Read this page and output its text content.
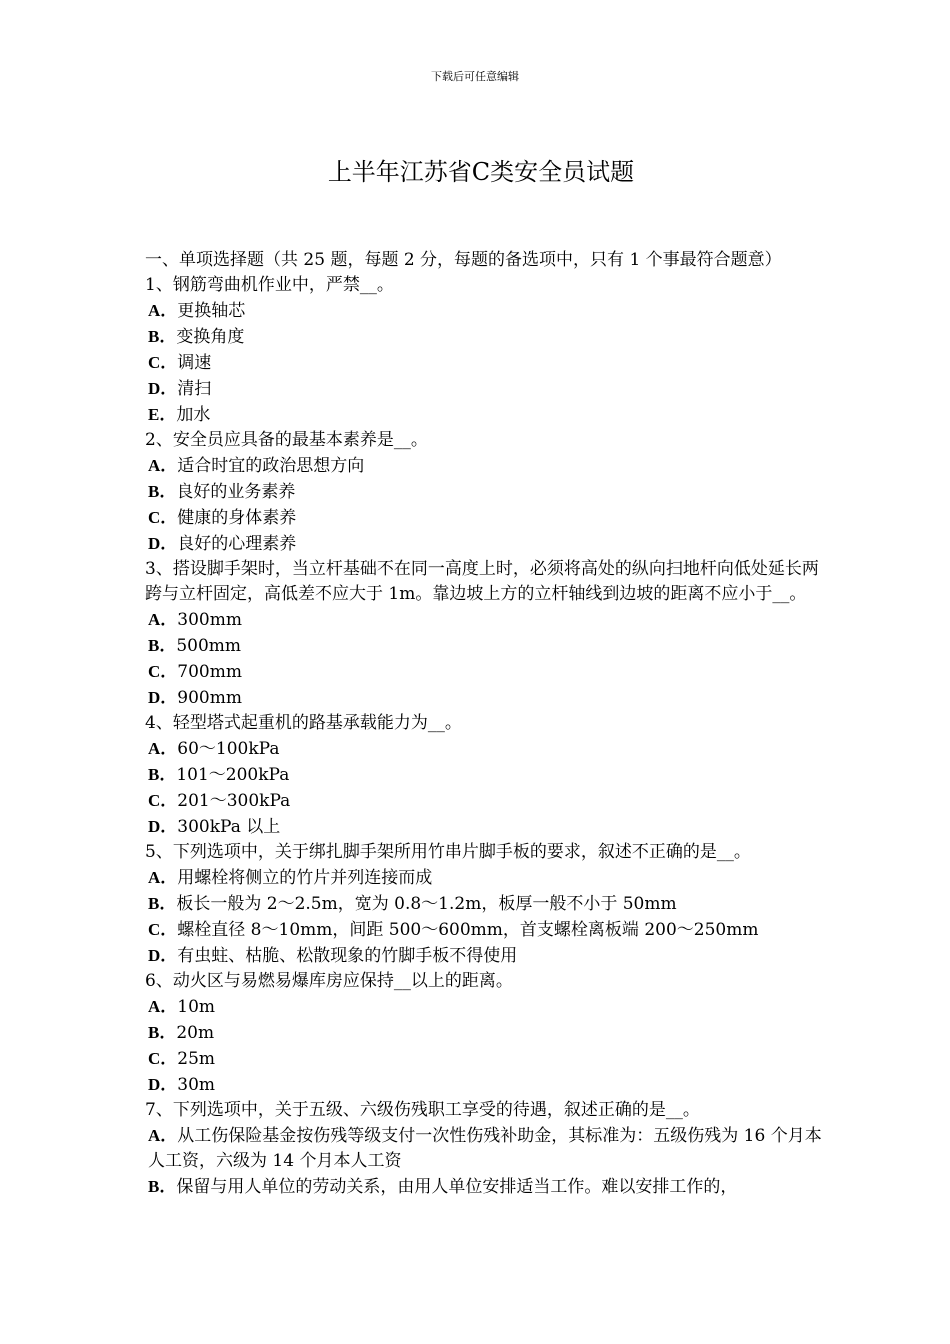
下载后可任意编辑
上半年江苏省C类安全员试题
一、单项选择题（共 25 题，每题 2 分，每题的备选项中，只有 1 个事最符合题意）
1、钢筋弯曲机作业中，严禁__。
A．更换轴芯
B．变换角度
C．调速
D．清扫
E．加水
2、安全员应具备的最基本素养是__。
A．适合时宜的政治思想方向
B．良好的业务素养
C．健康的身体素养
D．良好的心理素养
3、搭设脚手架时，当立杆基础不在同一高度上时，必须将高处的纵向扫地杆向低处延长两跨与立杆固定，高低差不应大于 1m。靠边坡上方的立杆轴线到边坡的距离不应小于__。
A．300mm
B．500mm
C．700mm
D．900mm
4、轻型塔式起重机的路基承载能力为__。
A．60～100kPa
B．101～200kPa
C．201～300kPa
D．300kPa 以上
5、下列选项中，关于绑扎脚手架所用竹串片脚手板的要求，叙述不正确的是__。
A．用螺栓将侧立的竹片并列连接而成
B．板长一般为 2～2.5m，宽为 0.8～1.2m，板厚一般不小于 50mm
C．螺栓直径 8～10mm，间距 500～600mm，首支螺栓离板端 200～250mm
D．有虫蛀、枯脆、松散现象的竹脚手板不得使用
6、动火区与易燃易爆库房应保持__以上的距离。
A．10m
B．20m
C．25m
D．30m
7、下列选项中，关于五级、六级伤残职工享受的待遇，叙述正确的是__。
A．从工伤保险基金按伤残等级支付一次性伤残补助金，其标准为：五级伤残为 16 个月本人工资，六级为 14 个月本人工资
B．保留与用人单位的劳动关系，由用人单位安排适当工作。难以安排工作的，
